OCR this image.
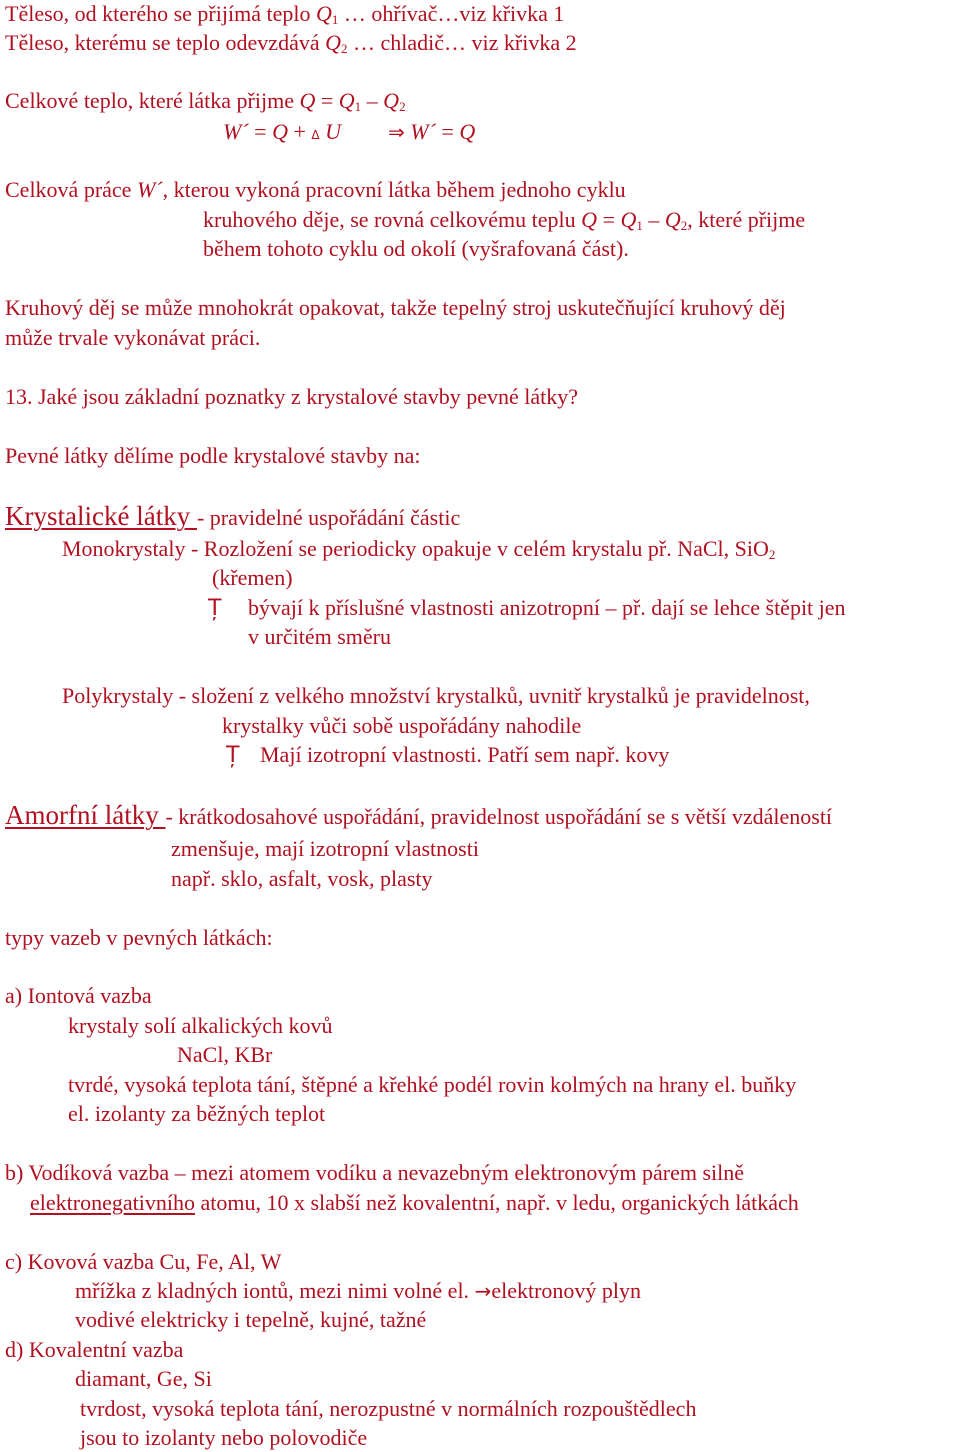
Těleso, od kterého se přijímá teplo $Q_1$ … ohřívač…viz křivka 1
Těleso, kterému se teplo odevzdává $Q_2$ … chladič… viz křivka 2
Celkové teplo, které látka přijme $Q = Q_1 - Q_2$
W´ = Q + Δ U ⇒ W´ = Q
Celková práce W´, kterou vykoná pracovní látka během jednoho cyklu
kruhového děje, se rovná celkovému teplu $Q = Q_1 - Q_2$, které přijme
během tohoto cyklu od okolí (vyšrafovaná část).
Kruhový děj se může mnohokrát opakovat, takže tepelný stroj uskutečňující kruhový děj
může trvale vykonávat práci.
13. Jaké jsou základní poznatky z krystalové stavby pevné látky?
Pevné látky dělíme podle krystalové stavby na:
Krystalické látky - pravidelné uspořádání částic
Monokrystaly - Rozložení se periodicky opakuje v celém krystalu př. NaCl, SiO$_2$
(křemen)
Ț bývají k příslušné vlastnosti anizotropní – př. dají se lehce štěpit jen
v určitém směru
Polykrystaly - složení z velkého množství krystalků, uvnitř krystalků je pravidelnost,
krystalky vůči sobě uspořádány nahodile
Ț Mají izotropní vlastnosti. Patří sem např. kovy
Amorfní látky - krátkodosahové uspořádání, pravidelnost uspořádání se s větší vzdáleností
zmenšuje, mají izotropní vlastnosti
např. sklo, asfalt, vosk, plasty
typy vazeb v pevných látkách:
a) Iontová vazba
krystaly solí alkalických kovů
NaCl, KBr
tvrdé, vysoká teplota tání, štěpné a křehké podél rovin kolmých na hrany el. buňky
el. izolanty za běžných teplot
b) Vodíková vazba – mezi atomem vodíku a nevazebným elektronovým párem silně
elektronegativního atomu, 10 x slabší než kovalentní, např. v ledu, organických látkách
c) Kovová vazba Cu, Fe, Al, W
mřížka z kladných iontů, mezi nimi volné el. →elektronový plyn
vodivé elektricky i tepelně, kujné, tažné
d) Kovalentní vazba
diamant, Ge, Si
tvrdost, vysoká teplota tání, nerozpustné v normálních rozpouštědlech
jsou to izolanty nebo polovodiče
